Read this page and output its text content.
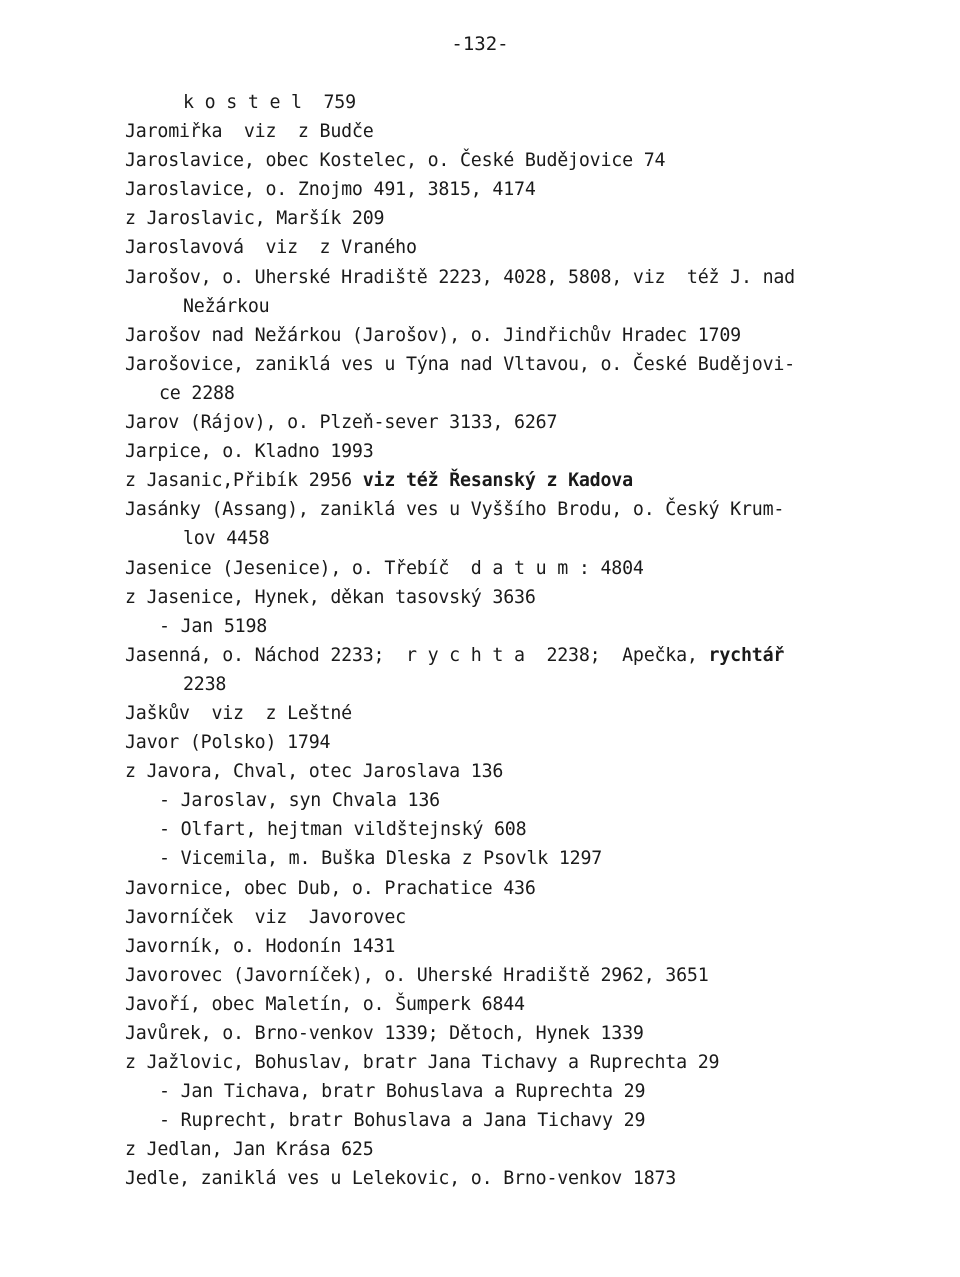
-132-
k o s t e l  759
Jaromiřka  viz  z Budče
Jaroslavice, obec Kostelec, o. České Budějovice 74
Jaroslavice, o. Znojmo 491, 3815, 4174
z Jaroslavic, Maršík 209
Jaroslavová  viz  z Vraného
Jarošov, o. Uherské Hradiště 2223, 4028, 5808, viz  též J. nad
Nežárkou
Jarošov nad Nežárkou (Jarošov), o. Jindřichův Hradec 1709
Jarošovice, zaniklá ves u Týna nad Vltavou, o. České Budějovi-
ce 2288
Jarov (Rájov), o. Plzeň-sever 3133, 6267
Jarpice, o. Kladno 1993
z Jasanic,Přibík 2956 viz též Řesanský z Kadova
Jasánky (Assang), zaniklá ves u Vyššího Brodu, o. Český Krum-
lov 4458
Jasenice (Jesenice), o. Třebíč  d a t u m : 4804
z Jasenice, Hynek, děkan tasovský 3636
- Jan 5198
Jasenná, o. Náchod 2233;  r y c h t a  2238;  Apečka, rychtář
2238
Jaškův  viz  z Leštné
Javor (Polsko) 1794
z Javora, Chval, otec Jaroslava 136
- Jaroslav, syn Chvala 136
- Olfart, hejtman vildštejnský 608
- Vicemila, m. Buška Dleska z Psovlk 1297
Javornice, obec Dub, o. Prachatice 436
Javorníček  viz  Javorovec
Javorník, o. Hodonín 1431
Javorovec (Javorníček), o. Uherské Hradiště 2962, 3651
Javoří, obec Maletín, o. Šumperk 6844
Javůrek, o. Brno-venkov 1339; Dětoch, Hynek 1339
z Jažlovic, Bohuslav, bratr Jana Tichavy a Ruprechta 29
- Jan Tichava, bratr Bohuslava a Ruprechta 29
- Ruprecht, bratr Bohuslava a Jana Tichavy 29
z Jedlan, Jan Krása 625
Jedle, zaniklá ves u Lelekovic, o. Brno-venkov 1873
